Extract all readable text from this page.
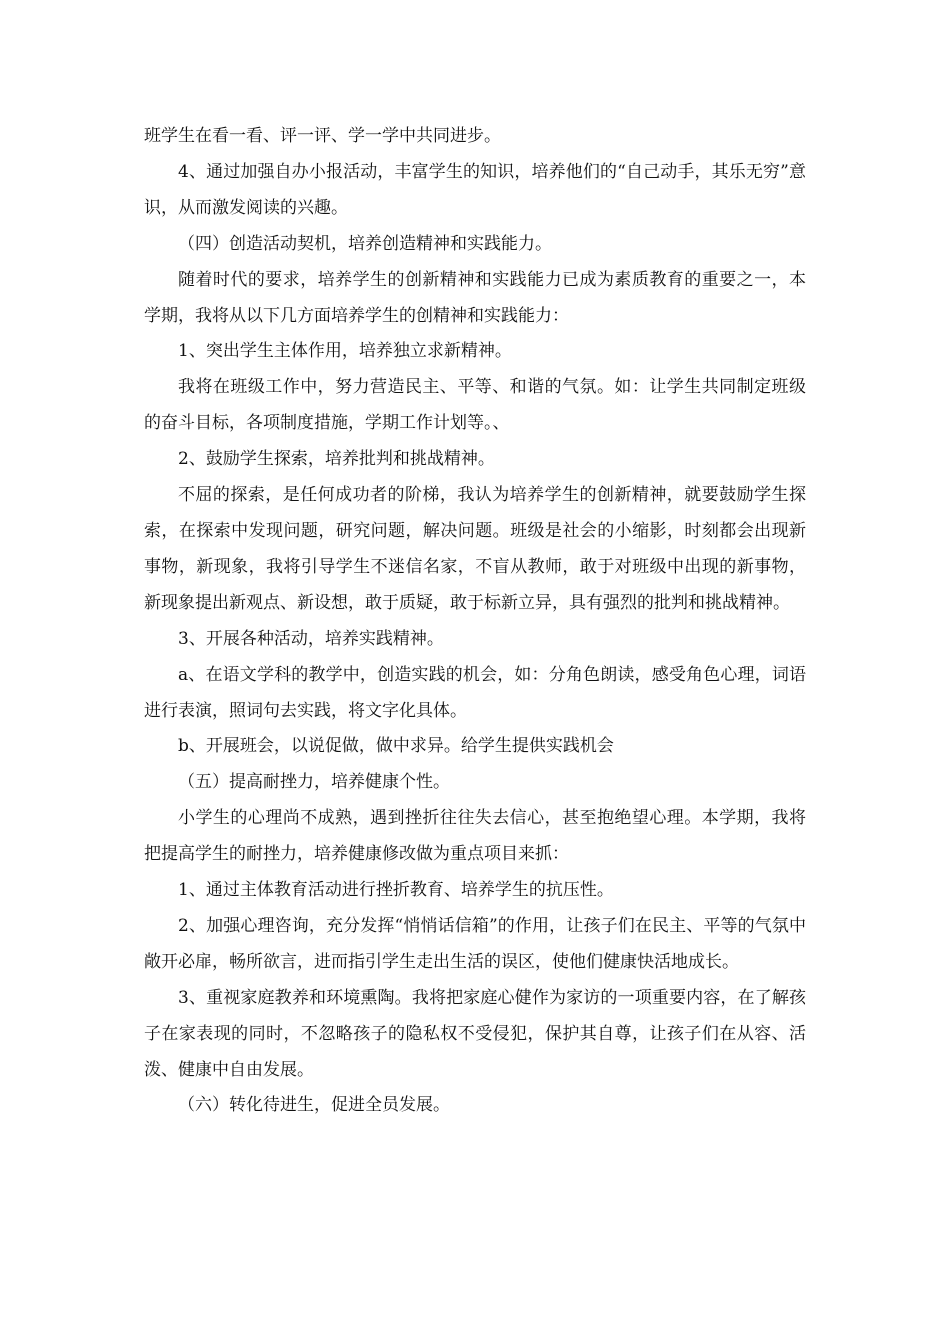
班学生在看一看、评一评、学一学中共同进步。

4、通过加强自办小报活动，丰富学生的知识，培养他们的“自己动手，其乐无穷”意识，从而激发阅读的兴趣。

（四）创造活动契机，培养创造精神和实践能力。

随着时代的要求，培养学生的创新精神和实践能力已成为素质教育的重要之一，本学期，我将从以下几方面培养学生的创精神和实践能力：

1、突出学生主体作用，培养独立求新精神。

我将在班级工作中，努力营造民主、平等、和谐的气氛。如：让学生共同制定班级的奋斗目标，各项制度措施，学期工作计划等。、

2、鼓励学生探索，培养批判和挑战精神。

不屈的探索，是任何成功者的阶梯，我认为培养学生的创新精神，就要鼓励学生探索，在探索中发现问题，研究问题，解决问题。班级是社会的小缩影，时刻都会出现新事物，新现象，我将引导学生不迷信名家，不盲从教师，敢于对班级中出现的新事物，新现象提出新观点、新设想，敢于质疑，敢于标新立异，具有强烈的批判和挑战精神。

3、开展各种活动，培养实践精神。

a、在语文学科的教学中，创造实践的机会，如：分角色朗读，感受角色心理，词语进行表演，照词句去实践，将文字化具体。

b、开展班会，以说促做，做中求异。给学生提供实践机会

（五）提高耐挫力，培养健康个性。

小学生的心理尚不成熟，遇到挫折往往失去信心，甚至抱绝望心理。本学期，我将把提高学生的耐挫力，培养健康修改做为重点项目来抓：

1、通过主体教育活动进行挫折教育、培养学生的抗压性。

2、加强心理咨询，充分发挥“悄悄话信箱”的作用，让孩子们在民主、平等的气氛中敞开必扉，畅所欲言，进而指引学生走出生活的误区，使他们健康快活地成长。

3、重视家庭教养和环境熏陶。我将把家庭心健作为家访的一项重要内容，在了解孩子在家表现的同时，不忽略孩子的隐私权不受侵犯，保护其自尊，让孩子们在从容、活泼、健康中自由发展。

（六）转化待进生，促进全员发展。
